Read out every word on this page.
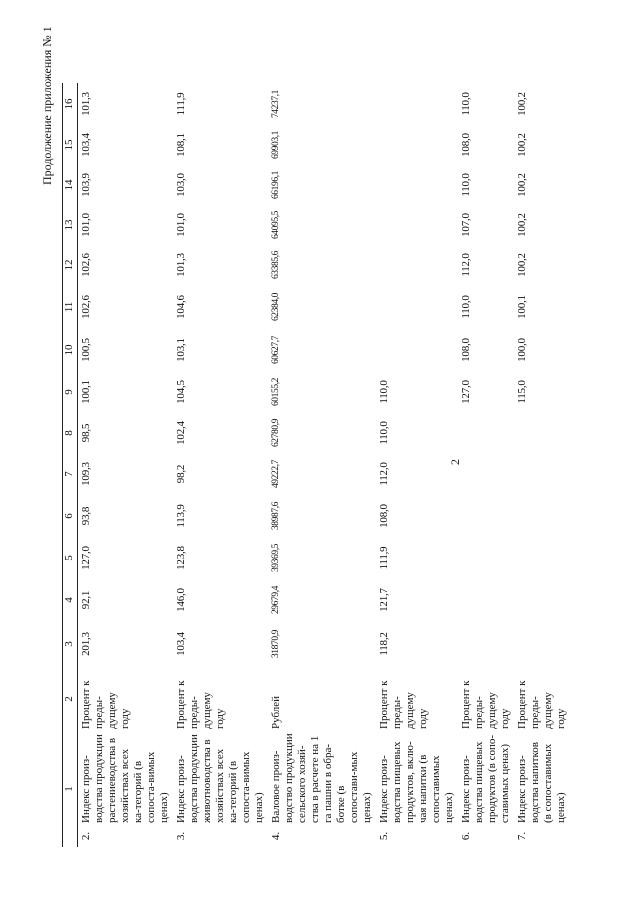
2
Продолжение приложения № 1
1		2	3	4	5	6	7	8	9	10	11	12	13	14	15	16
2.	Индекс произ-водства продукции растениеводства в хозяйствах всех ка-тегорий (в сопоста-вимых ценах)	Процент к преды-дущему году	201,3	92,1	127,0	93,8	109,3	98,5	100,1	100,5	102,6	102,6	101,0	103,9	103,4	101,3
3.	Индекс произ-водства продукции животноводства в хозяйствах всех ка-тегорий (в сопоста-вимых ценах)	Процент к преды-дущему году	103,4	146,0	123,8	113,9	98,2	102,4	104,5	103,1	104,6	101,3	101,0	103,0	108,1	111,9
4.	Валовое произ-водство продукции сельского хозяй-ства в расчете на 1 га пашни в обра-ботке (в сопостави-мых ценах)	Рублей	31870,9	29679,4	39369,5	38987,6	49222,7	62780,9	60155,2	60627,7	62384,0	63385,6	64095,5	66196,1	69903,1	74237,1
5.	Индекс произ-водства пищевых продуктов, вклю-чая напитки (в сопоставимых ценах)	Процент к преды-дущему году	118,2	121,7	111,9	108,0	112,0	110,0	110,0							
6.	Индекс произ-водства пищевых продуктов (в сопо-ставимых ценах)	Процент к преды-дущему году							127,0	108,0	110,0	112,0	107,0	110,0	108,0	110,0
7.	Индекс произ-водства напитков (в сопоставимых ценах)	Процент к преды-дущему году							115,0	100,0	100,1	100,2	100,2	100,2	100,2	100,2
